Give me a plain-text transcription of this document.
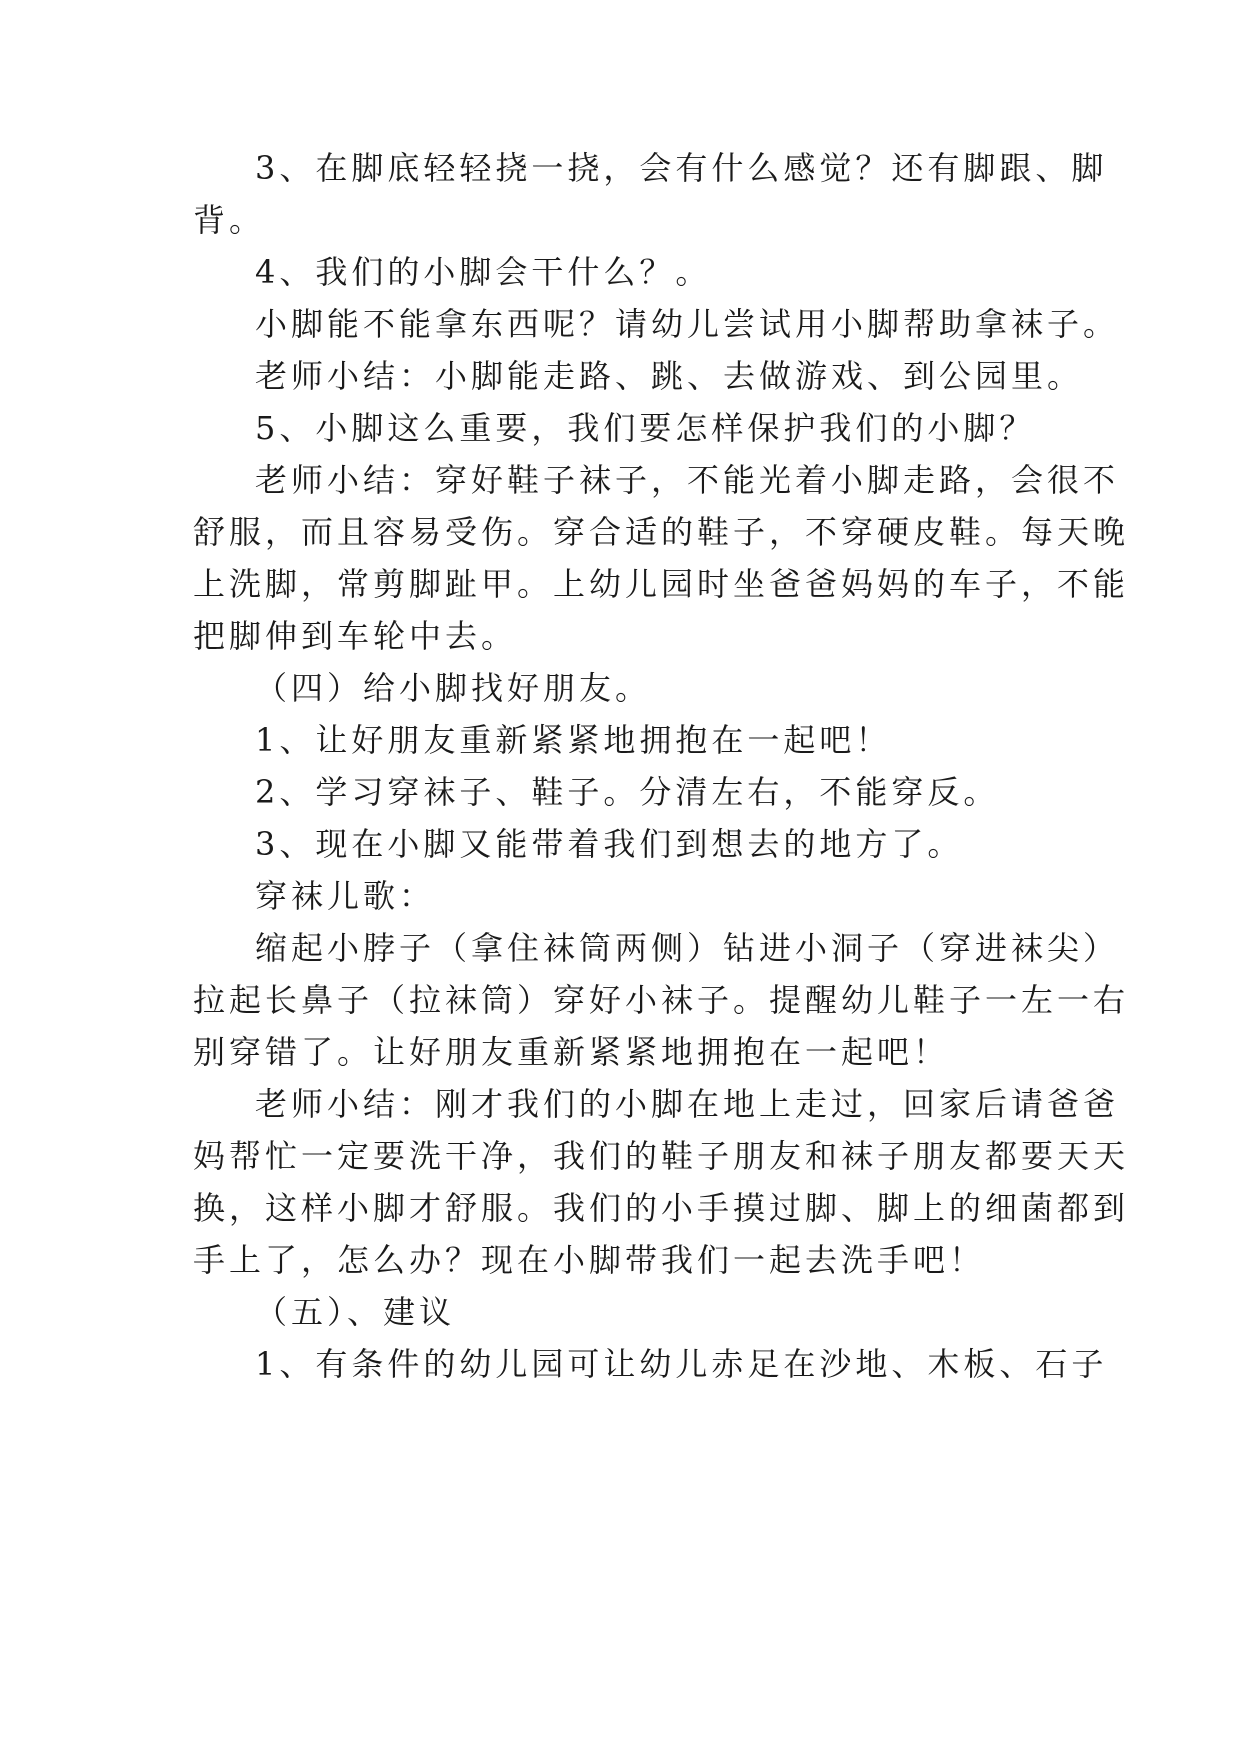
3、在脚底轻轻挠一挠，会有什么感觉？还有脚跟、脚
背。
4、我们的小脚会干什么？。
小脚能不能拿东西呢？请幼儿尝试用小脚帮助拿袜子。
老师小结：小脚能走路、跳、去做游戏、到公园里。
5、小脚这么重要，我们要怎样保护我们的小脚？
老师小结：穿好鞋子袜子，不能光着小脚走路，会很不
舒服，而且容易受伤。穿合适的鞋子，不穿硬皮鞋。每天晚
上洗脚，常剪脚趾甲。上幼儿园时坐爸爸妈妈的车子，不能
把脚伸到车轮中去。
（四）给小脚找好朋友。
1、让好朋友重新紧紧地拥抱在一起吧！
2、学习穿袜子、鞋子。分清左右，不能穿反。
3、现在小脚又能带着我们到想去的地方了。
穿袜儿歌：
缩起小脖子（拿住袜筒两侧）钻进小洞子（穿进袜尖）
拉起长鼻子（拉袜筒）穿好小袜子。提醒幼儿鞋子一左一右
别穿错了。让好朋友重新紧紧地拥抱在一起吧！
老师小结：刚才我们的小脚在地上走过，回家后请爸爸
妈帮忙一定要洗干净，我们的鞋子朋友和袜子朋友都要天天
换，这样小脚才舒服。我们的小手摸过脚、脚上的细菌都到
手上了，怎么办？现在小脚带我们一起去洗手吧！
（五）、建议
1、有条件的幼儿园可让幼儿赤足在沙地、木板、石子
